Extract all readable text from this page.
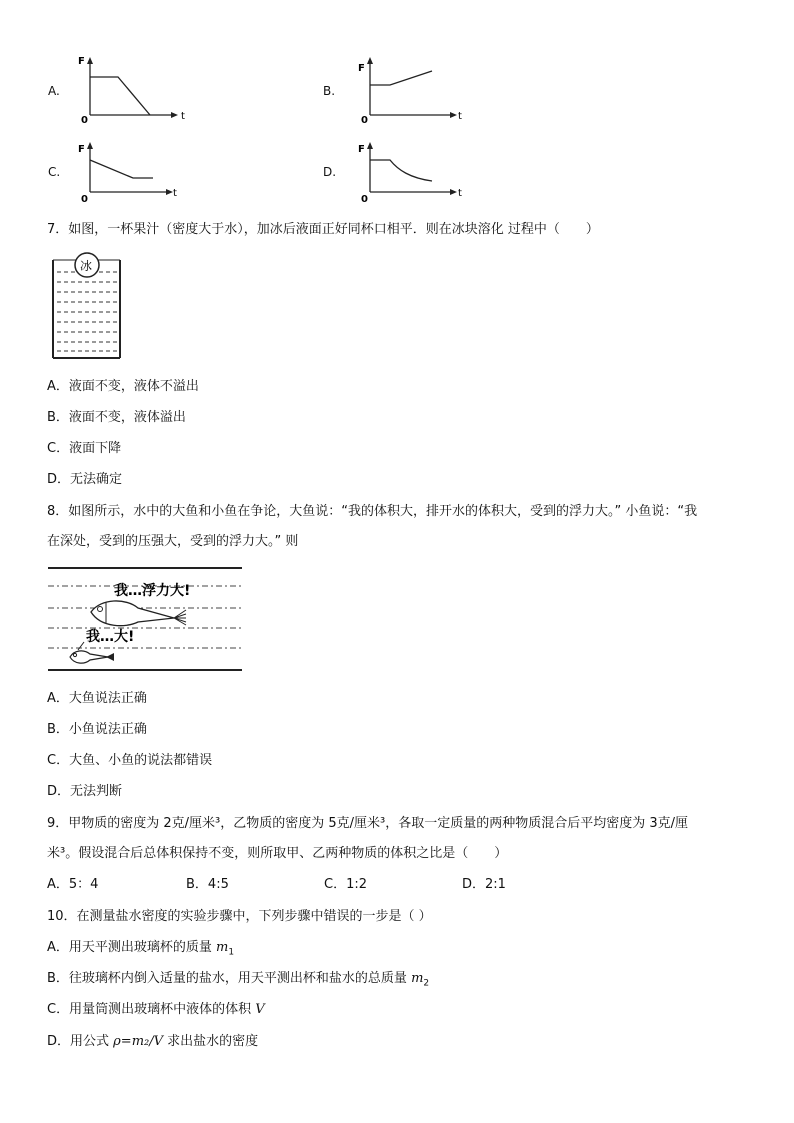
A.
F
0	t
B.
F
0	t
C.
F
0
t
D.
F
0
t
7．如图，一杯果汁（密度大于水），加冰后液面正好同杯口相平．则在冰块溶化 过程中（　　）
冰
A．液面不变，液体不溢出
B．液面不变，液体溢出
C．液面下降
D．无法确定
8．如图所示，水中的大鱼和小鱼在争论，大鱼说：“我的体积大，排开水的体积大，受到的浮力大。” 小鱼说：“我
在深处，受到的压强大，受到的浮力大。” 则
我…浮力大!
我…大!
A．大鱼说法正确
B．小鱼说法正确
C．大鱼、小鱼的说法都错误
D．无法判断
9．甲物质的密度为 2克/厘米³，乙物质的密度为 5克/厘米³，各取一定质量的两种物质混合后平均密度为 3克/厘
米³。假设混合后总体积保持不变，则所取甲、乙两种物质的体积之比是（　　）
A．5：4	B．4:5	C．1:2	D．2:1
10．在测量盐水密度的实验步骤中，下列步骤中错误的一步是（ ）
A．用天平测出玻璃杯的质量 $m_1$
B．往玻璃杯内倒入适量的盐水，用天平测出杯和盐水的总质量 $m_2$
C．用量筒测出玻璃杯中液体的体积 V
D．用公式 ρ=m₂/V 求出盐水的密度
